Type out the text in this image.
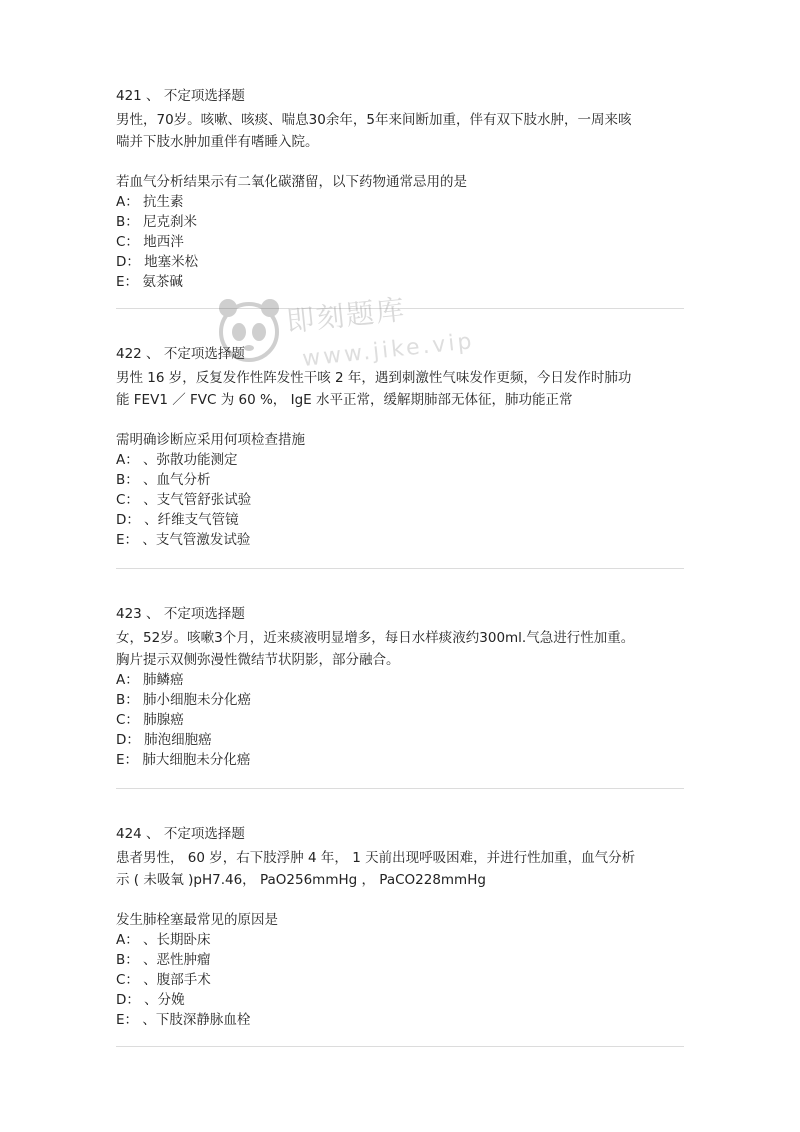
421 、 不定项选择题
男性，70岁。咳嗽、咳痰、喘息30余年，5年来间断加重，伴有双下肢水肿，一周来咳
喘并下肢水肿加重伴有嗜睡入院。
若血气分析结果示有二氧化碳潴留，以下药物通常忌用的是
A： 抗生素
B： 尼克刹米
C： 地西泮
D： 地塞米松
E： 氨茶碱
422 、 不定项选择题
男性 16 岁，反复发作性阵发性干咳 2 年，遇到刺激性气味发作更频，今日发作时肺功
能 FEV1 ／ FVC 为 60 %， IgE 水平正常，缓解期肺部无体征，肺功能正常
需明确诊断应采用何项检查措施
A： 、弥散功能测定
B： 、血气分析
C： 、支气管舒张试验
D： 、纤维支气管镜
E： 、支气管激发试验
423 、 不定项选择题
女，52岁。咳嗽3个月，近来痰液明显增多，每日水样痰液约300ml.气急进行性加重。
胸片提示双侧弥漫性微结节状阴影，部分融合。
A： 肺鳞癌
B： 肺小细胞未分化癌
C： 肺腺癌
D： 肺泡细胞癌
E： 肺大细胞未分化癌
424 、 不定项选择题
患者男性， 60 岁，右下肢浮肿 4 年， 1 天前出现呼吸困难，并进行性加重，血气分析
示 ( 未吸氧 )pH7.46， PaO256mmHg ， PaCO228mmHg
发生肺栓塞最常见的原因是
A： 、长期卧床
B： 、恶性肿瘤
C： 、腹部手术
D： 、分娩
E： 、下肢深静脉血栓
即刻题库
www.jike.vip
